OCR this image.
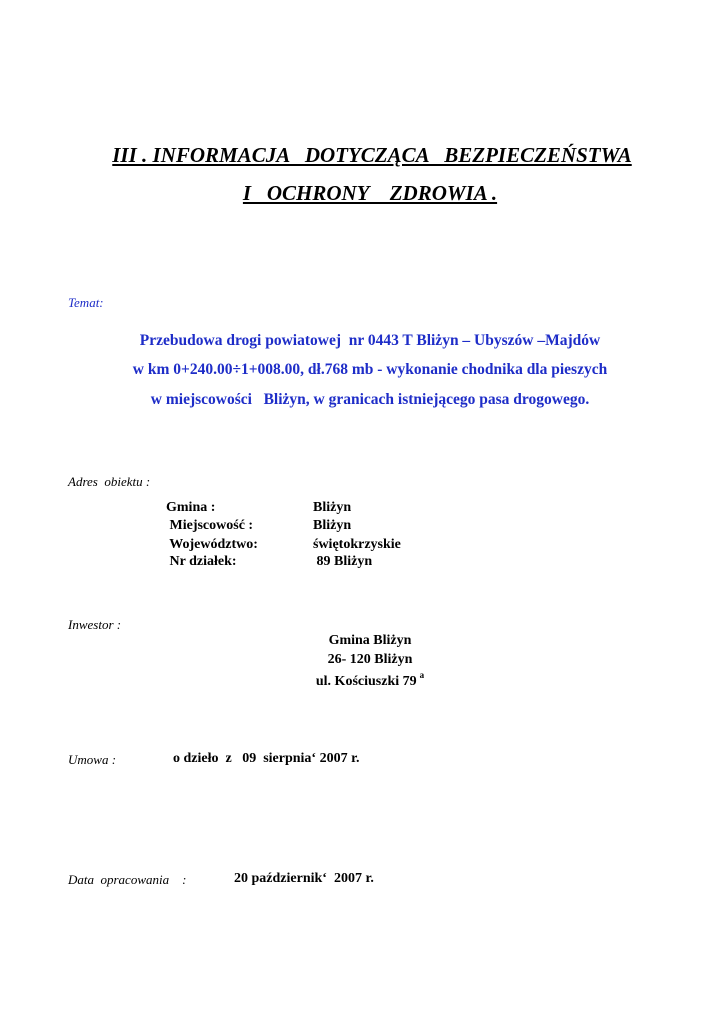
III . INFORMACJA   DOTYCZĄCA   BEZPIECZEŃSTWA
I   OCHRONY    ZDROWIA .
Temat:
Przebudowa drogi powiatowej  nr 0443 T Bliżyn – Ubyszów –Majdów
w km 0+240.00÷1+008.00, dł.768 mb - wykonanie chodnika dla pieszych
w miejscowości   Bliżyn, w granicach istniejącego pasa drogowego.
Adres  obiektu :
Gmina :	Bliżyn
Miejscowość :	Bliżyn
Województwo:	świętokrzyskie
Nr działek:	89 Bliżyn
Inwestor :
Gmina Bliżyn
26- 120 Bliżyn
ul. Kościuszki 79 $^a$
Umowa :	o dzieło  z   09  sierpnia‘ 2007 r.
Data  opracowania    :	20 październik‘  2007 r.
